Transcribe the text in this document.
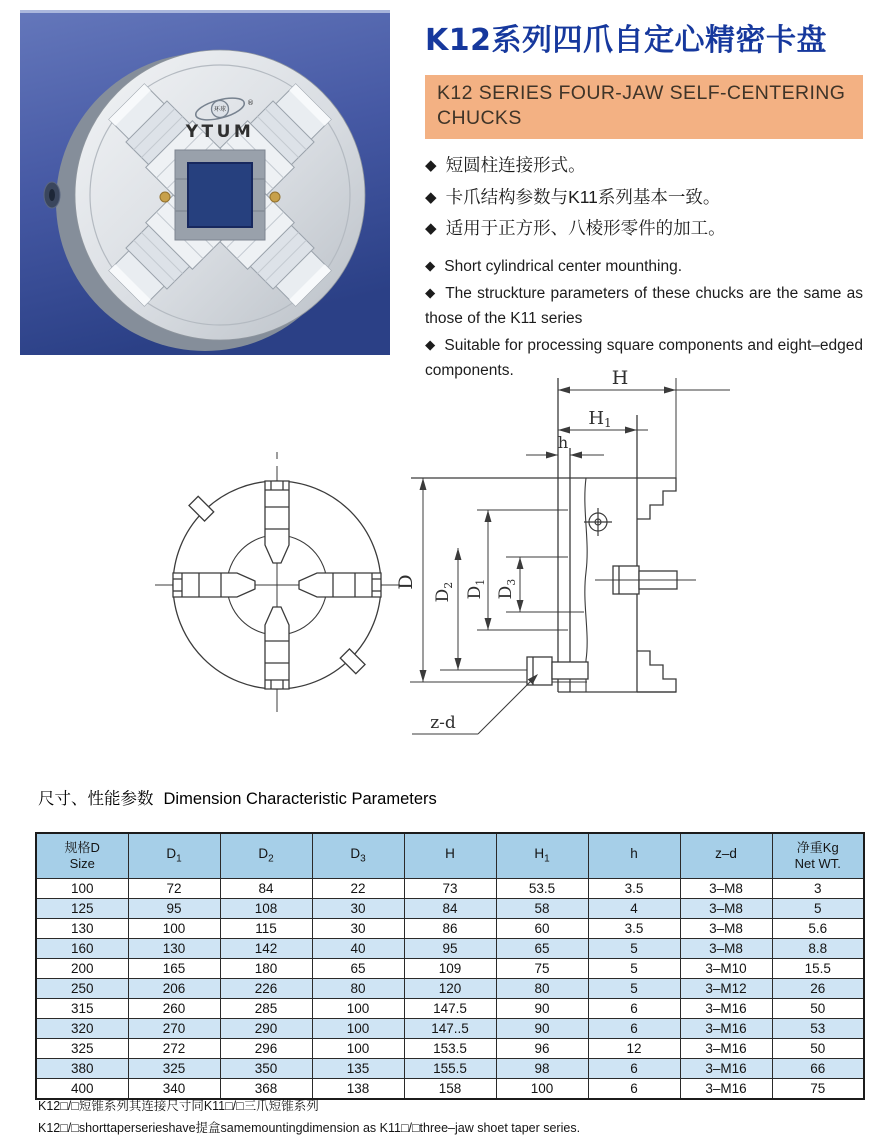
环球
®
YTUM
K12系列四爪自定心精密卡盘
K12 SERIES FOUR-JAW SELF-CENTERING CHUCKS
◆ 短圆柱连接形式。
◆ 卡爪结构参数与K11系列基本一致。
◆ 适用于正方形、八棱形零件的加工。

◆ Short cylindrical center mounthing.

◆ The struckture parameters of these chucks are the same as those of the K11 series

◆ Suitable for processing square components and eight–edged components.	H
H1
h
D
$D_2$
$D_1$
$D_3$
z-d
尺寸、性能参数 Dimension Characteristic Parameters
规格D
Size
	$D_1$	$D_2$	$D_3$	H	$H_1$	h	z–d	净重Kg
Net WT.

100	72	84	22	73	53.5	3.5	3–M8	3
125	95	108	30	84	58	4	3–M8	5
130	100	115	30	86	60	3.5	3–M8	5.6
160	130	142	40	95	65	5	3–M8	8.8
200	165	180	65	109	75	5	3–M10	15.5
250	206	226	80	120	80	5	3–M12	26
315	260	285	100	147.5	90	6	3–M16	50
320	270	290	100	147..5	90	6	3–M16	53
325	272	296	100	153.5	96	12	3–M16	50
380	325	350	135	155.5	98	6	3–M16	66
400	340	368	138	158	100	6	3–M16	75

K12□/□短锥系列其连接尺寸同K11□/□三爪短锥系列

K12□/□shorttaperserieshave提盒samemountingdimension as K11□/□three–jaw shoet taper series.
